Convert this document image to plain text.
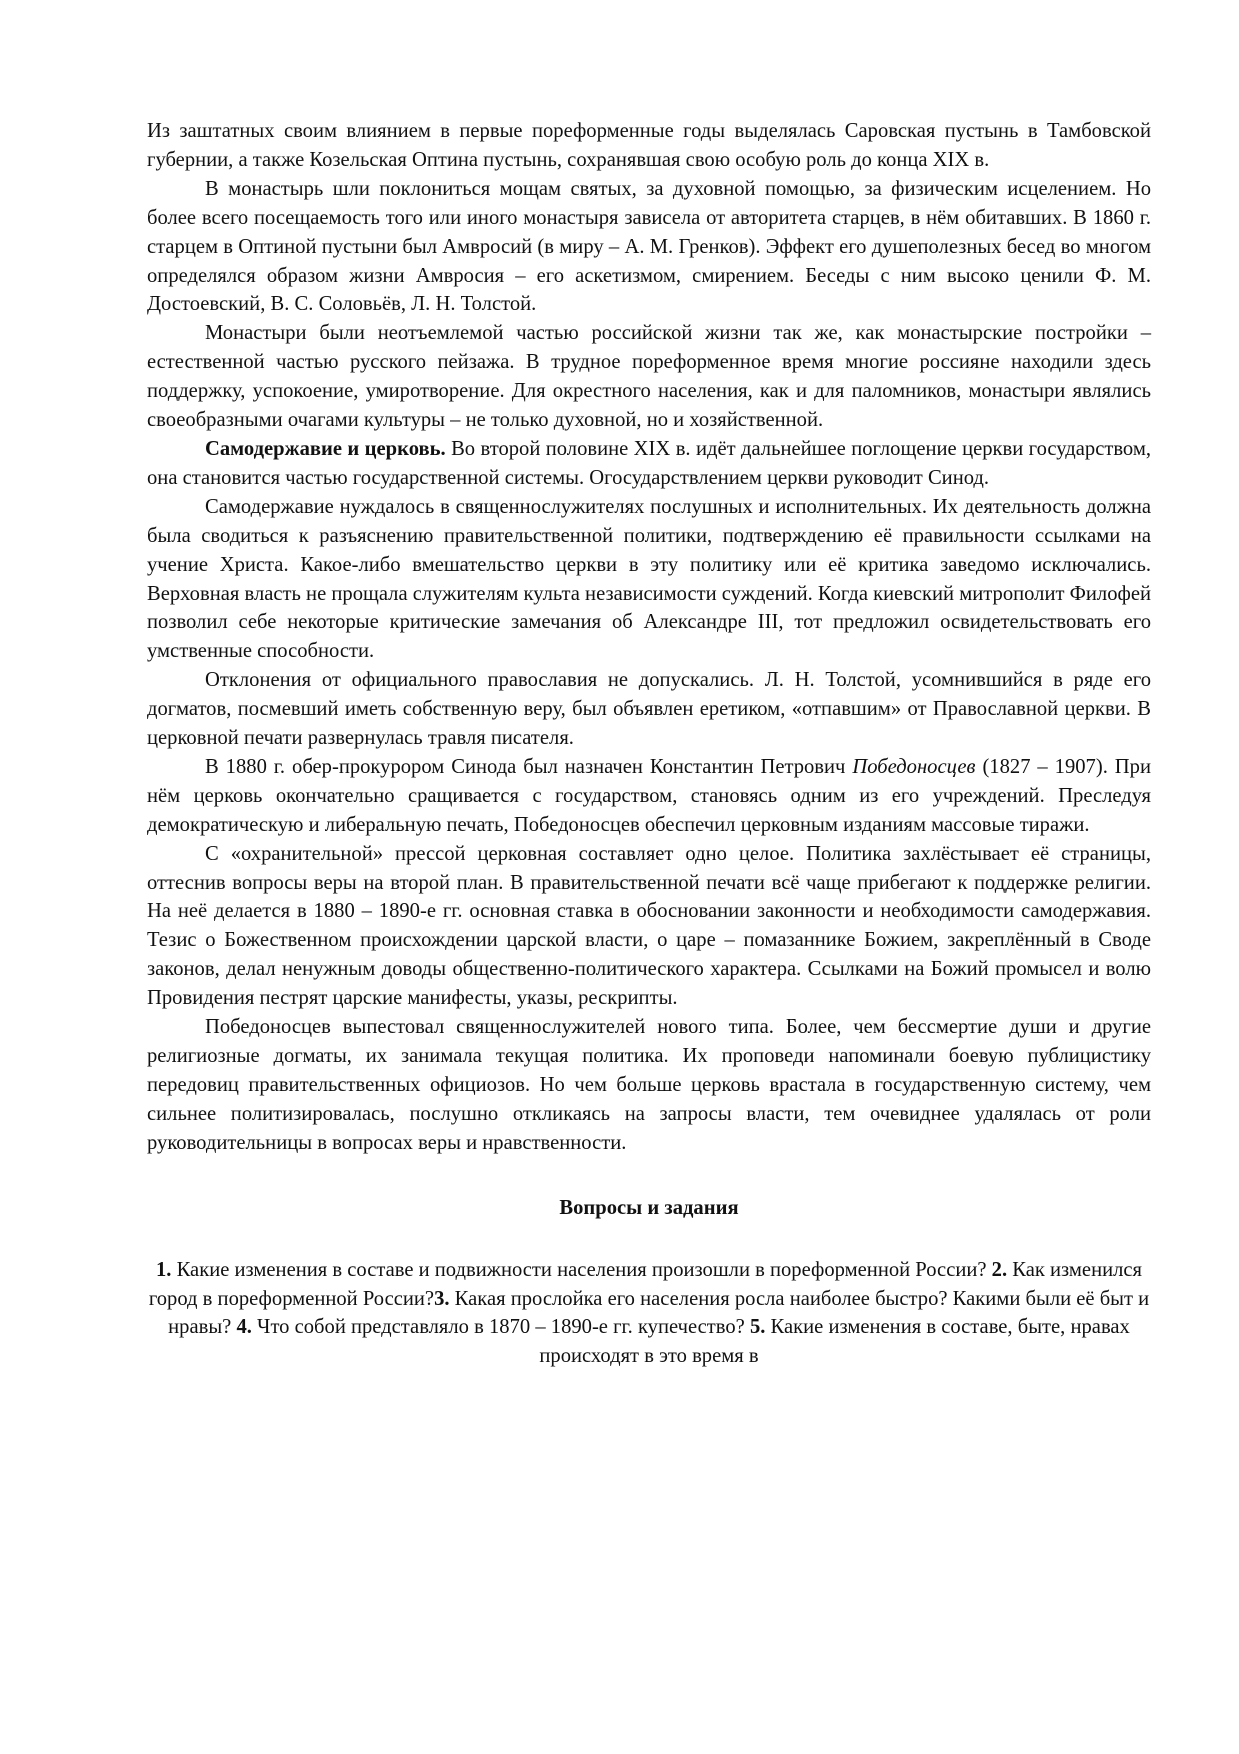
Из заштатных своим влиянием в первые пореформенные годы выделялась Саровская пустынь в Тамбовской губернии, а также Козельская Оптина пустынь, сохранявшая свою особую роль до конца XIX в.

В монастырь шли поклониться мощам святых, за духовной помощью, за физическим исцелением. Но более всего посещаемость того или иного монастыря зависела от авторитета старцев, в нём обитавших. В 1860 г. старцем в Оптиной пустыни был Амвросий (в миру – А. М. Гренков). Эффект его душеполезных бесед во многом определялся образом жизни Амвросия – его аскетизмом, смирением. Беседы с ним высоко ценили Ф. М. Достоевский, В. С. Соловьёв, Л. Н. Толстой.

Монастыри были неотъемлемой частью российской жизни так же, как монастырские постройки – естественной частью русского пейзажа. В трудное пореформенное время многие россияне находили здесь поддержку, успокоение, умиротворение. Для окрестного населения, как и для паломников, монастыри являлись своеобразными очагами культуры – не только духовной, но и хозяйственной.

Самодержавие и церковь. Во второй половине XIX в. идёт дальнейшее поглощение церкви государством, она становится частью государственной системы. Огосударствлением церкви руководит Синод.

Самодержавие нуждалось в священнослужителях послушных и исполнительных. Их деятельность должна была сводиться к разъяснению правительственной политики, подтверждению её правильности ссылками на учение Христа. Какое-либо вмешательство церкви в эту политику или её критика заведомо исключались. Верховная власть не прощала служителям культа независимости суждений. Когда киевский митрополит Филофей позволил себе некоторые критические замечания об Александре III, тот предложил освидетельствовать его умственные способности.

Отклонения от официального православия не допускались. Л. Н. Толстой, усомнившийся в ряде его догматов, посмевший иметь собственную веру, был объявлен еретиком, «отпавшим» от Православной церкви. В церковной печати развернулась травля писателя.

В 1880 г. обер-прокурором Синода был назначен Константин Петрович Победоносцев (1827 – 1907). При нём церковь окончательно сращивается с государством, становясь одним из его учреждений. Преследуя демократическую и либеральную печать, Победоносцев обеспечил церковным изданиям массовые тиражи.

С «охранительной» прессой церковная составляет одно целое. Политика захлёстывает её страницы, оттеснив вопросы веры на второй план. В правительственной печати всё чаще прибегают к поддержке религии. На неё делается в 1880 – 1890-е гг. основная ставка в обосновании законности и необходимости самодержавия. Тезис о Божественном происхождении царской власти, о царе – помазаннике Божием, закреплённый в Своде законов, делал ненужным доводы общественно-политического характера. Ссылками на Божий промысел и волю Провидения пестрят царские манифесты, указы, рескрипты.

Победоносцев выпестовал священнослужителей нового типа. Более, чем бессмертие души и другие религиозные догматы, их занимала текущая политика. Их проповеди напоминали боевую публицистику передовиц правительственных официозов. Но чем больше церковь врастала в государственную систему, чем сильнее политизировалась, послушно откликаясь на запросы власти, тем очевиднее удалялась от роли руководительницы в вопросах веры и нравственности.

Вопросы и задания
1. Какие изменения в составе и подвижности населения произошли в пореформенной России? 2. Как изменился город в пореформенной России?3. Какая прослойка его населения росла наиболее быстро? Какими были её быт и нравы? 4. Что собой представляло в 1870 – 1890-е гг. купечество? 5. Какие изменения в составе, быте, нравах происходят в это время в
